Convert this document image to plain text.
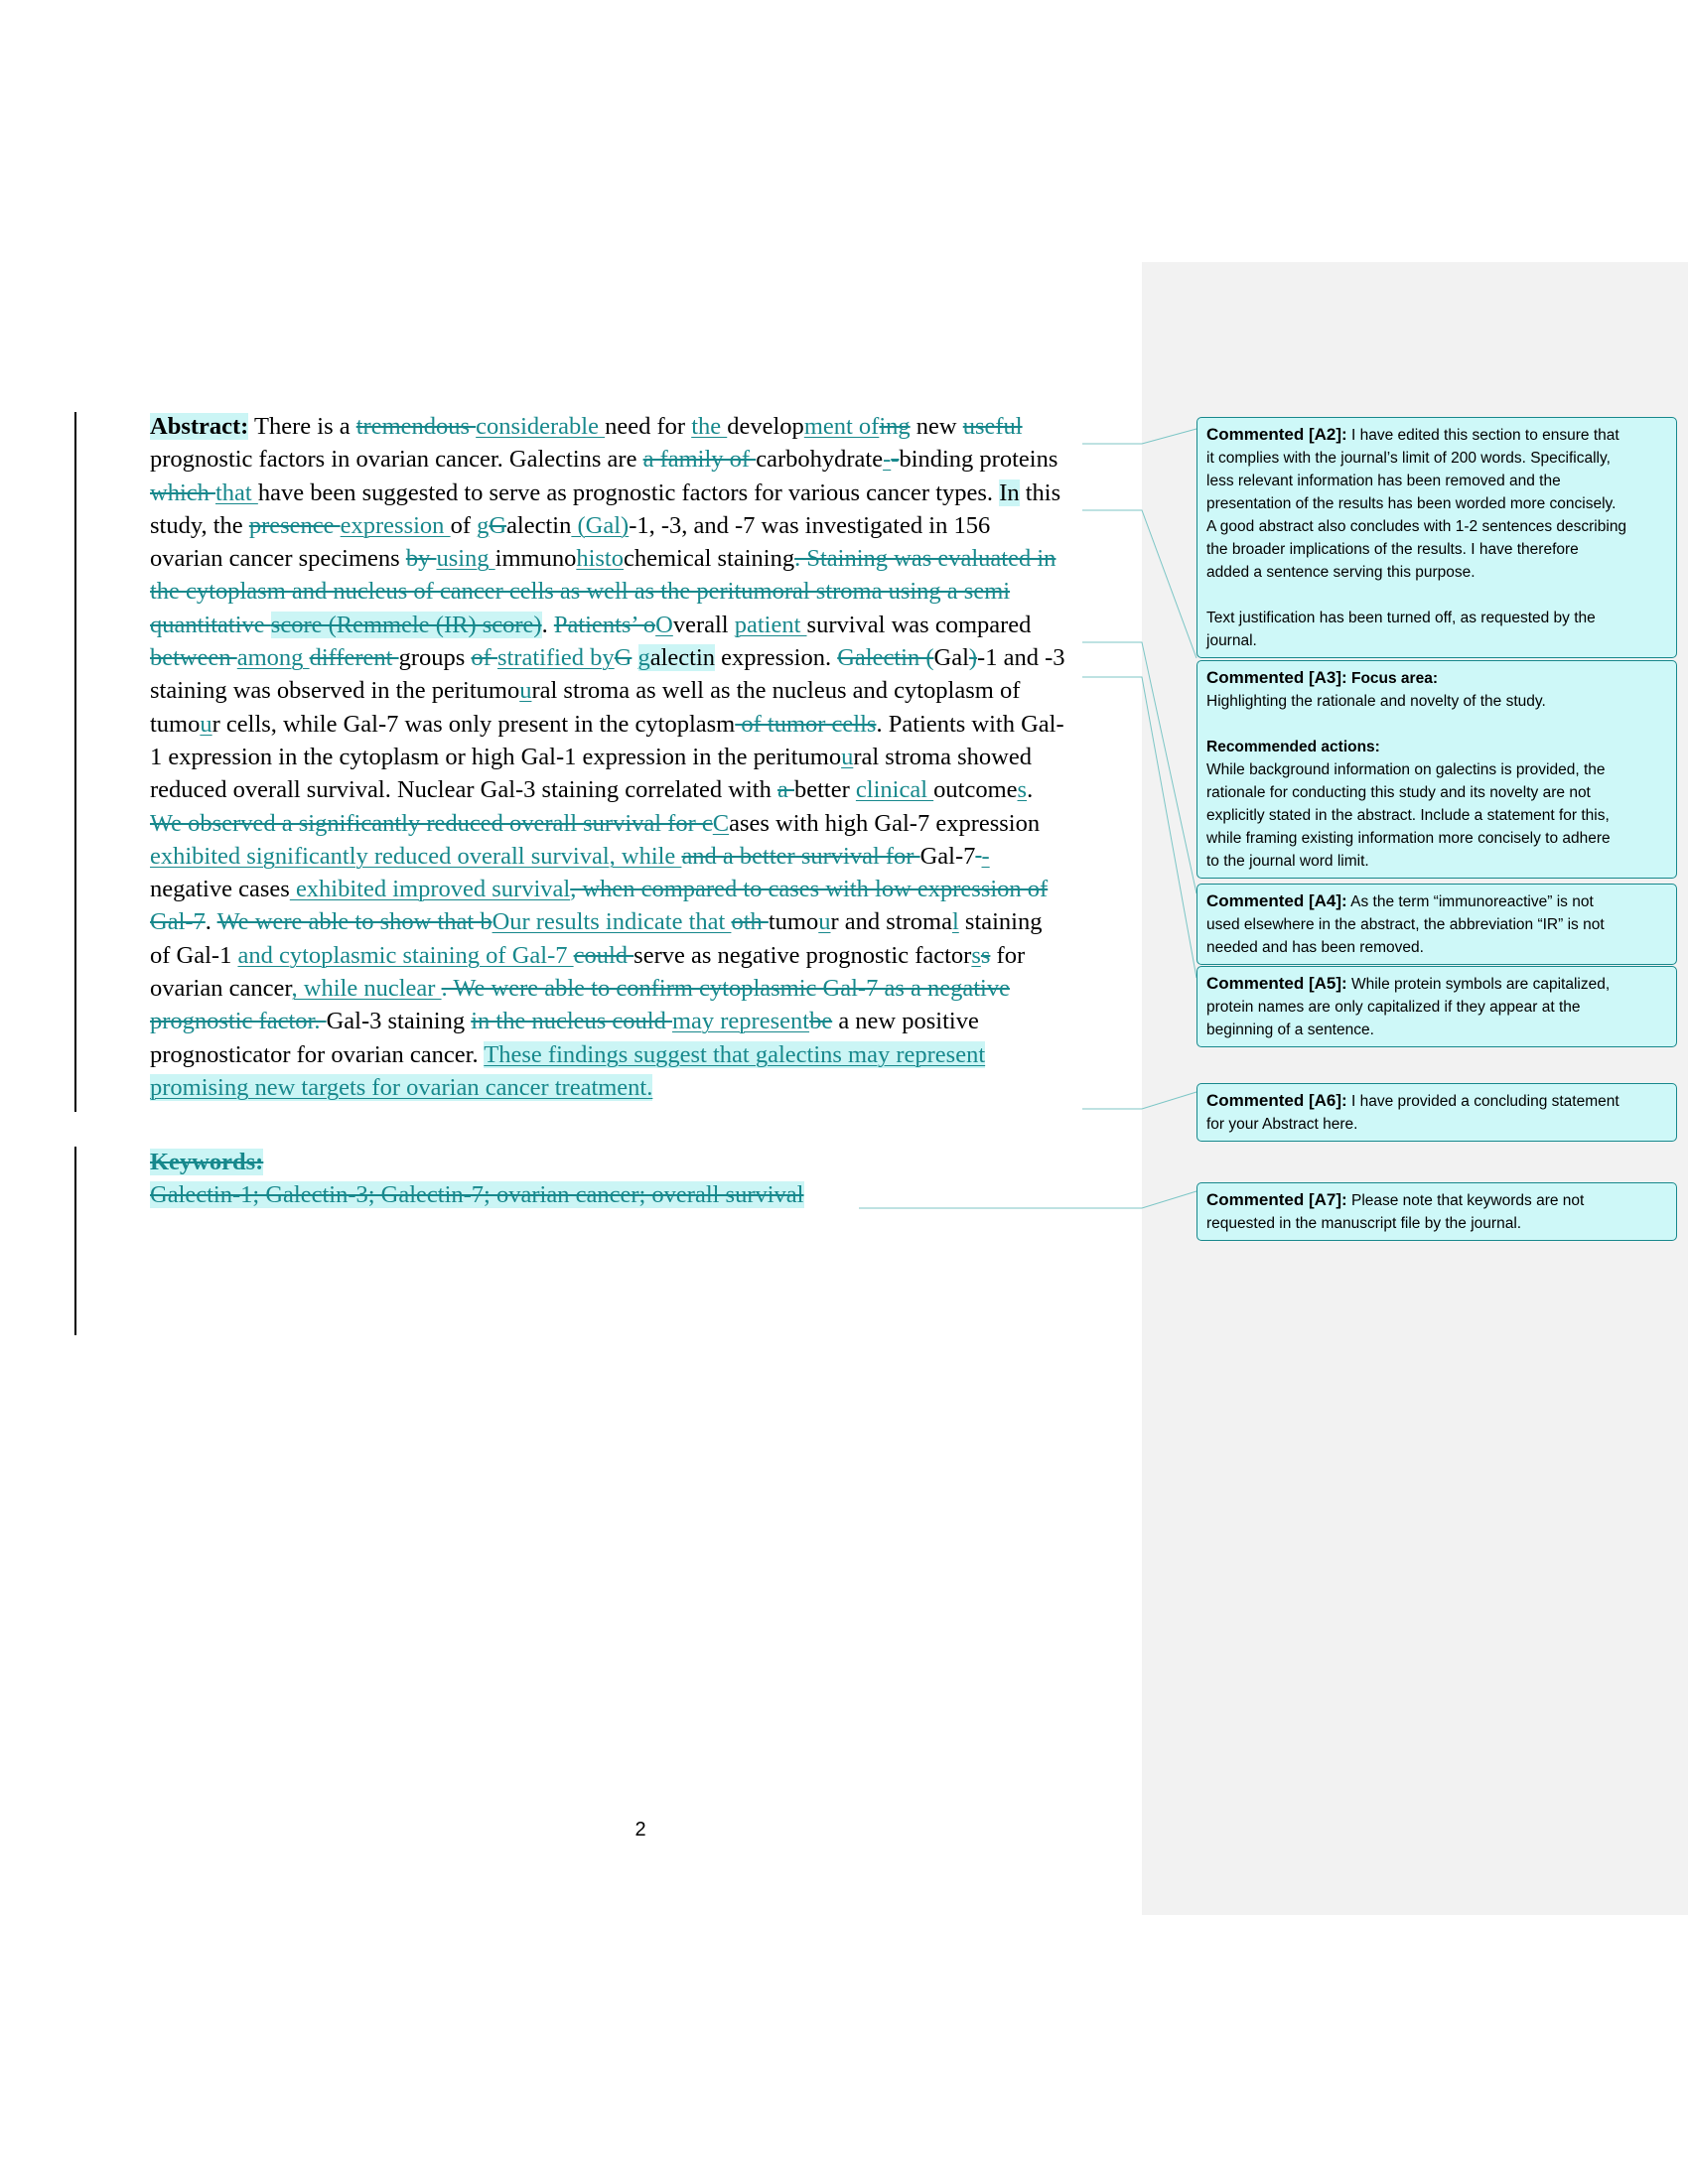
Abstract: There is a tremendous considerable need for the development ofing new useful
prognostic factors in ovarian cancer. Galectins are a family of carbohydrate--binding proteins
which that have been suggested to serve as prognostic factors for various cancer types. In this
study, the presence expression of gGalectin (Gal)-1, -3, and -7 was investigated in 156
ovarian cancer specimens by using immunohistochemical staining. Staining was evaluated in
the cytoplasm and nucleus of cancer cells as well as the peritumoral stroma using a semi
quantitative score (Remmele (IR) score). Patients’ oOverall patient survival was compared
between among different groups of stratified byG galectin expression. Galectin (Gal)-1 and -3
staining was observed in the peritumoural stroma as well as the nucleus and cytoplasm of
tumour cells, while Gal-7 was only present in the cytoplasm of tumor cells. Patients with Gal-
1 expression in the cytoplasm or high Gal-1 expression in the peritumoural stroma showed
reduced overall survival. Nuclear Gal-3 staining correlated with a better clinical outcomes.
We observed a significantly reduced overall survival for cCases with high Gal-7 expression
exhibited significantly reduced overall survival, while and a better survival for Gal-7 -
negative cases exhibited improved survival, when compared to cases with low expression of
Gal-7. We were able to show that bOur results indicate that oth tumour and stromal staining
of Gal-1 and cytoplasmic staining of Gal-7 could serve as negative prognostic factorss for
ovarian cancer, while nuclear . We were able to confirm cytoplasmic Gal-7 as a negative
prognostic factor. Gal-3 staining in the nucleus could may representbe a new positive
prognosticator for ovarian cancer. These findings suggest that galectins may represent
promising new targets for ovarian cancer treatment.
Keywords:
Galectin-1; Galectin-3; Galectin-7; ovarian cancer; overall survival
Commented [A2]: I have edited this section to ensure that
it complies with the journal’s limit of 200 words. Specifically,
less relevant information has been removed and the
presentation of the results has been worded more concisely.
A good abstract also concludes with 1-2 sentences describing
the broader implications of the results. I have therefore
added a sentence serving this purpose.
Text justification has been turned off, as requested by the
journal.
Commented [A3]: Focus area:
Highlighting the rationale and novelty of the study.
Recommended actions:
While background information on galectins is provided, the
rationale for conducting this study and its novelty are not
explicitly stated in the abstract. Include a statement for this,
while framing existing information more concisely to adhere
to the journal word limit.
Commented [A4]: As the term “immunoreactive” is not
used elsewhere in the abstract, the abbreviation “IR” is not
needed and has been removed.
Commented [A5]: While protein symbols are capitalized,
protein names are only capitalized if they appear at the
beginning of a sentence.
Commented [A6]: I have provided a concluding statement
for your Abstract here.
Commented [A7]: Please note that keywords are not
requested in the manuscript file by the journal.
2
